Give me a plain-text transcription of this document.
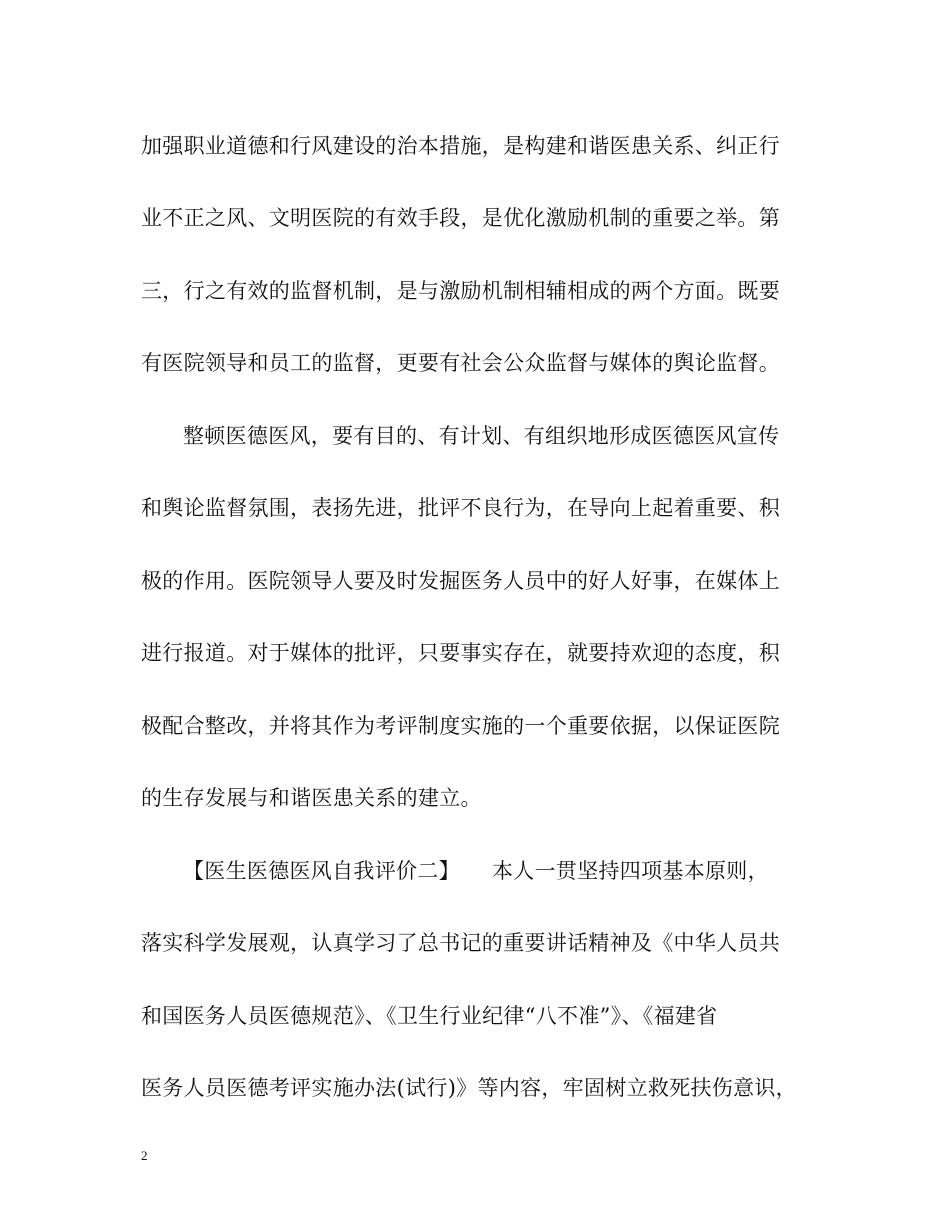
加强职业道德和行风建设的治本措施，是构建和谐医患关系、纠正行
业不正之风、文明医院的有效手段，是优化激励机制的重要之举。第
三，行之有效的监督机制，是与激励机制相辅相成的两个方面。既要
有医院领导和员工的监督，更要有社会公众监督与媒体的舆论监督。
整顿医德医风，要有目的、有计划、有组织地形成医德医风宣传
和舆论监督氛围，表扬先进，批评不良行为，在导向上起着重要、积
极的作用。医院领导人要及时发掘医务人员中的好人好事，在媒体上
进行报道。对于媒体的批评，只要事实存在，就要持欢迎的态度，积
极配合整改，并将其作为考评制度实施的一个重要依据，以保证医院
的生存发展与和谐医患关系的建立。
【医生医德医风自我评价二】　　本人一贯坚持四项基本原则，
落实科学发展观，认真学习了总书记的重要讲话精神及《中华人员共
和国医务人员医德规范》、《卫生行业纪律“八不准”》、《福建省
医务人员医德考评实施办法(试行)》等内容，牢固树立救死扶伤意识，
2
